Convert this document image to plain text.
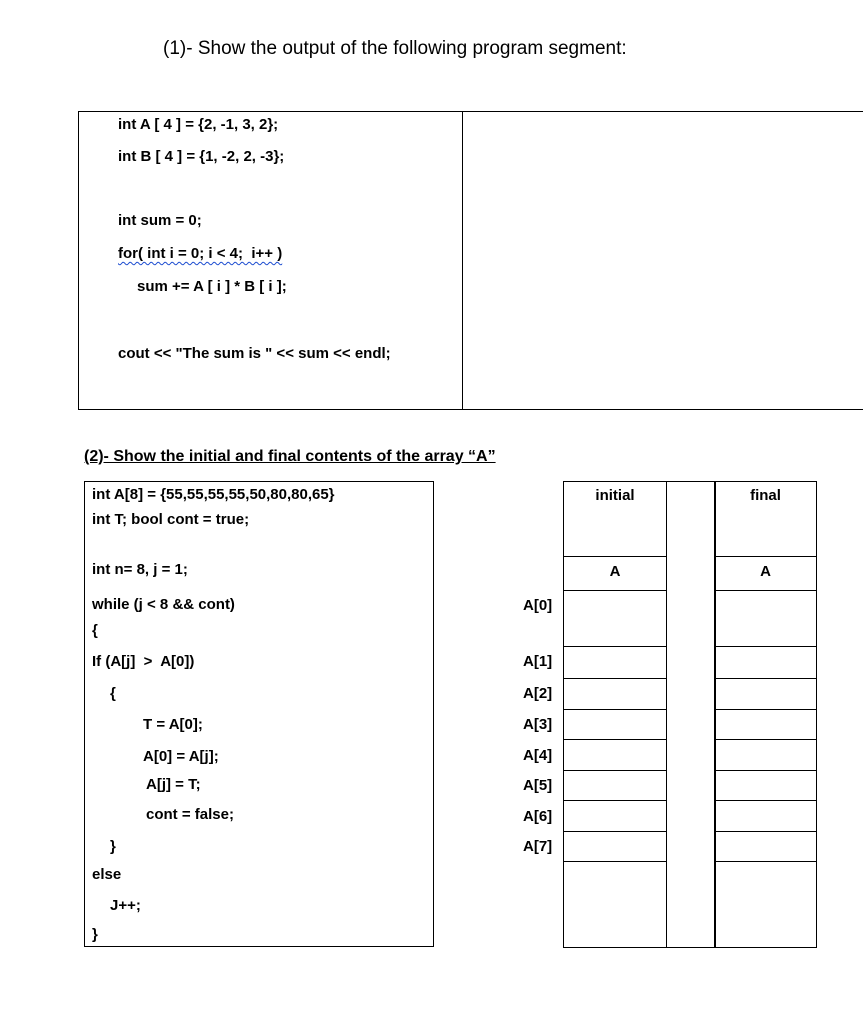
(1)- Show the output of the following program segment:
int A [ 4 ] = {2, -1, 3, 2};
int B [ 4 ] = {1, -2, 2, -3};
int sum = 0;
for( int i = 0; i < 4;  i++ )
sum += A [ i ] * B [ i ];
cout << "The sum is " << sum << endl;
(2)- Show the initial and final contents of the array “A”
int A[8] = {55,55,55,55,50,80,80,65}
int T; bool cont = true;
int n= 8, j = 1;
while (j < 8 && cont)
{
If (A[j]  >  A[0])
{
T = A[0];
A[0] = A[j];
A[j] = T;
cont = false;
}
else
J++;
}
initial	final
A	A
A[0]
A[1]
A[2]
A[3]
A[4]
A[5]
A[6]
A[7]
